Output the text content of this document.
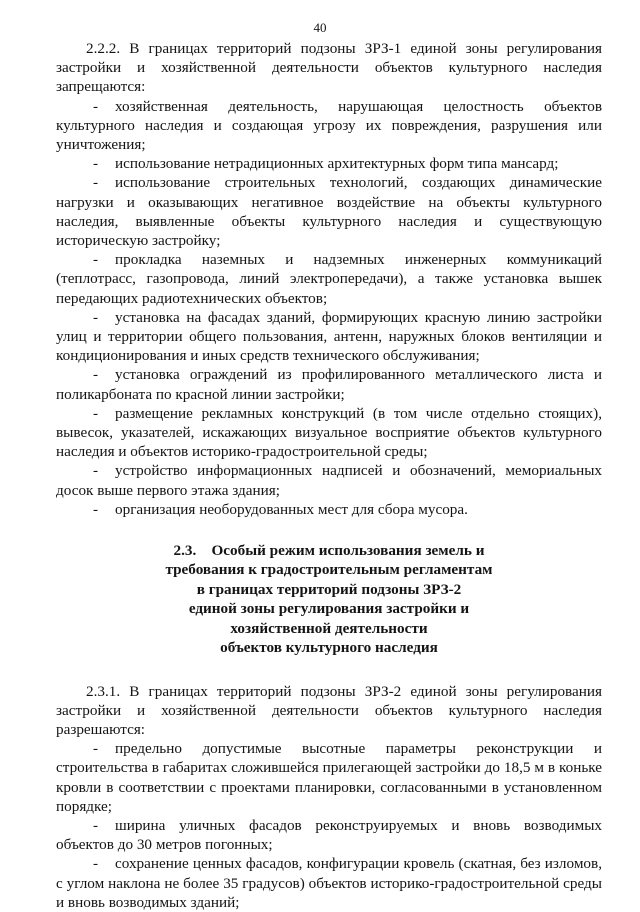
40

2.2.2. В границах территорий подзоны ЗРЗ-1 единой зоны регулирования застройки и хозяйственной деятельности объектов культурного наследия запрещаются:

- хозяйственная деятельность, нарушающая целостность объектов культурного наследия и создающая угрозу их повреждения, разрушения или уничтожения;

- использование нетрадиционных архитектурных форм типа мансард;

- использование строительных технологий, создающих динамические нагрузки и оказывающих негативное воздействие на объекты культурного наследия, выявленные объекты культурного наследия и существующую историческую застройку;

- прокладка наземных и надземных инженерных коммуникаций (теплотрасс, газопровода, линий электропередачи), а также установка вышек передающих радиотехнических объектов;

- установка на фасадах зданий, формирующих красную линию застройки улиц и территории общего пользования, антенн, наружных блоков вентиляции и кондиционирования и иных средств технического обслуживания;

- установка ограждений из профилированного металлического листа и поликарбоната по красной линии застройки;

- размещение рекламных конструкций (в том числе отдельно стоящих), вывесок, указателей, искажающих визуальное восприятие объектов культурного наследия и объектов историко-градостроительной среды;

- устройство информационных надписей и обозначений, мемориальных досок выше первого этажа здания;

- организация необорудованных мест для сбора мусора.

2.3.    Особый режим использования земель и
требования к градостроительным регламентам
в границах территорий подзоны ЗРЗ-2
единой зоны регулирования застройки и
хозяйственной деятельности
объектов культурного наследия

2.3.1. В границах территорий подзоны ЗРЗ-2 единой зоны регулирования застройки и хозяйственной деятельности объектов культурного наследия разрешаются:

- предельно допустимые высотные параметры реконструкции и строительства в габаритах сложившейся прилегающей застройки до 18,5 м в коньке кровли в соответствии с проектами планировки, согласованными в установленном порядке;

- ширина уличных фасадов реконструируемых и вновь возводимых объектов до 30 метров погонных;

- сохранение ценных фасадов, конфигурации кровель (скатная, без изломов, с углом наклона не более 35 градусов) объектов историко-градостроительной среды и вновь возводимых зданий;
